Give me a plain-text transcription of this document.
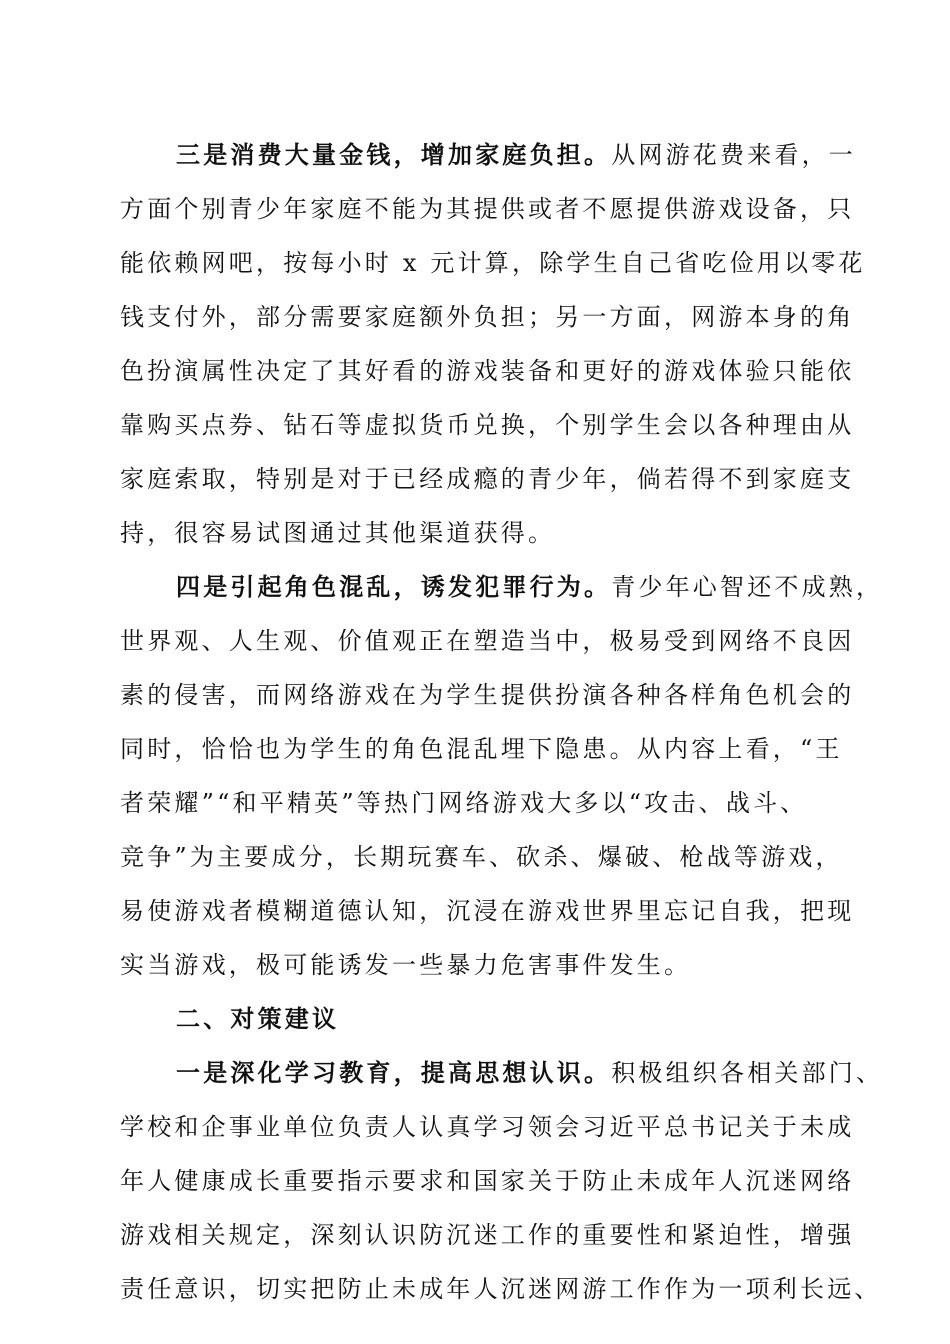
三是消费大量金钱，增加家庭负担。从网游花费来看，一
方面个别青少年家庭不能为其提供或者不愿提供游戏设备，只
能依赖网吧，按每小时 x 元计算，除学生自己省吃俭用以零花
钱支付外，部分需要家庭额外负担；另一方面，网游本身的角
色扮演属性决定了其好看的游戏装备和更好的游戏体验只能依
靠购买点券、钻石等虚拟货币兑换，个别学生会以各种理由从
家庭索取，特别是对于已经成瘾的青少年，倘若得不到家庭支
持，很容易试图通过其他渠道获得。
四是引起角色混乱，诱发犯罪行为。青少年心智还不成熟，
世界观、人生观、价值观正在塑造当中，极易受到网络不良因
素的侵害，而网络游戏在为学生提供扮演各种各样角色机会的
同时，恰恰也为学生的角色混乱埋下隐患。从内容上看，“王
者荣耀”“和平精英”等热门网络游戏大多以“攻击、战斗、
竞争”为主要成分，长期玩赛车、砍杀、爆破、枪战等游戏，
易使游戏者模糊道德认知，沉浸在游戏世界里忘记自我，把现
实当游戏，极可能诱发一些暴力危害事件发生。
二、对策建议
一是深化学习教育，提高思想认识。积极组织各相关部门、
学校和企事业单位负责人认真学习领会习近平总书记关于未成
年人健康成长重要指示要求和国家关于防止未成年人沉迷网络
游戏相关规定，深刻认识防沉迷工作的重要性和紧迫性，增强
责任意识，切实把防止未成年人沉迷网游工作作为一项利长远、
